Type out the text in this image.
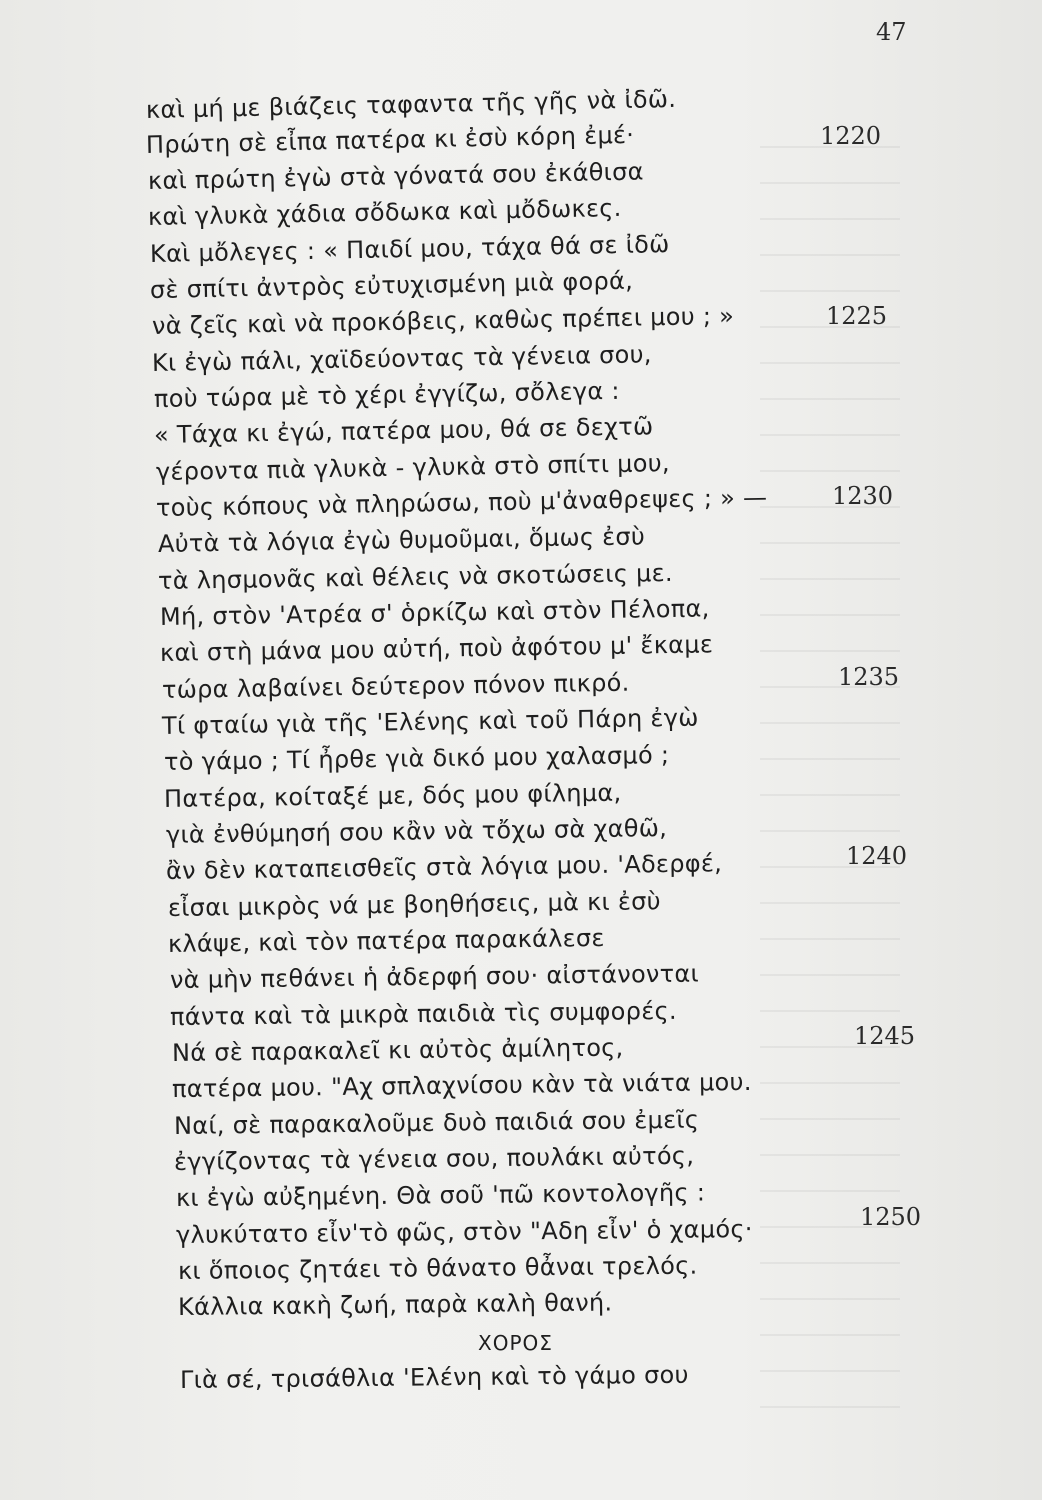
47
καὶ μή με βιάζεις ταφαντα τῆς γῆς νὰ ἰδῶ.
Πρώτη σὲ εἶπα πατέρα κι ἐσὺ κόρη ἐμέ·
καὶ πρώτη ἐγὼ στὰ γόνατά σου ἐκάθισα
καὶ γλυκὰ χάδια σὄδωκα καὶ μὄδωκες.
Καὶ μὄλεγες : « Παιδί μου, τάχα θά σε ἰδῶ
σὲ σπίτι ἀντρὸς εὐτυχισμένη μιὰ φορά,
νὰ ζεῖς καὶ νὰ προκόβεις, καθὼς πρέπει μου ; »
Κι ἐγὼ πάλι, χαϊδεύοντας τὰ γένεια σου,
ποὺ τώρα μὲ τὸ χέρι ἐγγίζω, σὄλεγα :
« Τάχα κι ἐγώ, πατέρα μου, θά σε δεχτῶ
γέροντα πιὰ γλυκὰ - γλυκὰ στὸ σπίτι μου,
τοὺς κόπους νὰ πληρώσω, ποὺ μ'ἀναθρεψες ; » —
Αὐτὰ τὰ λόγια ἐγὼ θυμοῦμαι, ὅμως ἐσὺ
τὰ λησμονᾶς καὶ θέλεις νὰ σκοτώσεις με.
Μή, στὸν 'Ατρέα σ' ὁρκίζω καὶ στὸν Πέλοπα,
καὶ στὴ μάνα μου αὐτή, ποὺ ἀφότου μ' ἔκαμε
τώρα λαβαίνει δεύτερον πόνον πικρό.
Τί φταίω γιὰ τῆς 'Ελένης καὶ τοῦ Πάρη ἐγὼ
τὸ γάμο ; Τί ἦρθε γιὰ δικό μου χαλασμό ;
Πατέρα, κοίταξέ με, δός μου φίλημα,
γιὰ ἐνθύμησή σου κἂν νὰ τὄχω σὰ χαθῶ,
ἂν δὲν καταπεισθεῖς στὰ λόγια μου. 'Αδερφέ,
εἶσαι μικρὸς νά με βοηθήσεις, μὰ κι ἐσὺ
κλάψε, καὶ τὸν πατέρα παρακάλεσε
νὰ μὴν πεθάνει ἡ ἀδερφή σου· αἰστάνονται
πάντα καὶ τὰ μικρὰ παιδιὰ τὶς συμφορές.
Νά σὲ παρακαλεῖ κι αὐτὸς ἀμίλητος,
πατέρα μου. "Αχ σπλαχνίσου κὰν τὰ νιάτα μου.
Ναί, σὲ παρακαλοῦμε δυὸ παιδιά σου ἐμεῖς
ἐγγίζοντας τὰ γένεια σου, πουλάκι αὐτός,
κι ἐγὼ αὐξημένη. Θὰ σοῦ 'πῶ κοντολογῆς :
γλυκύτατο εἶν'τὸ φῶς, στὸν "Αδη εἶν' ὁ χαμός·
κι ὅποιος ζητάει τὸ θάνατο θἆναι τρελός.
Κάλλια κακὴ ζωή, παρὰ καλὴ θανή.
ΧΟΡΟΣ
Γιὰ σέ, τρισάθλια 'Ελένη καὶ τὸ γάμο σου
1220
1225
1230
1235
1240
1245
1250
